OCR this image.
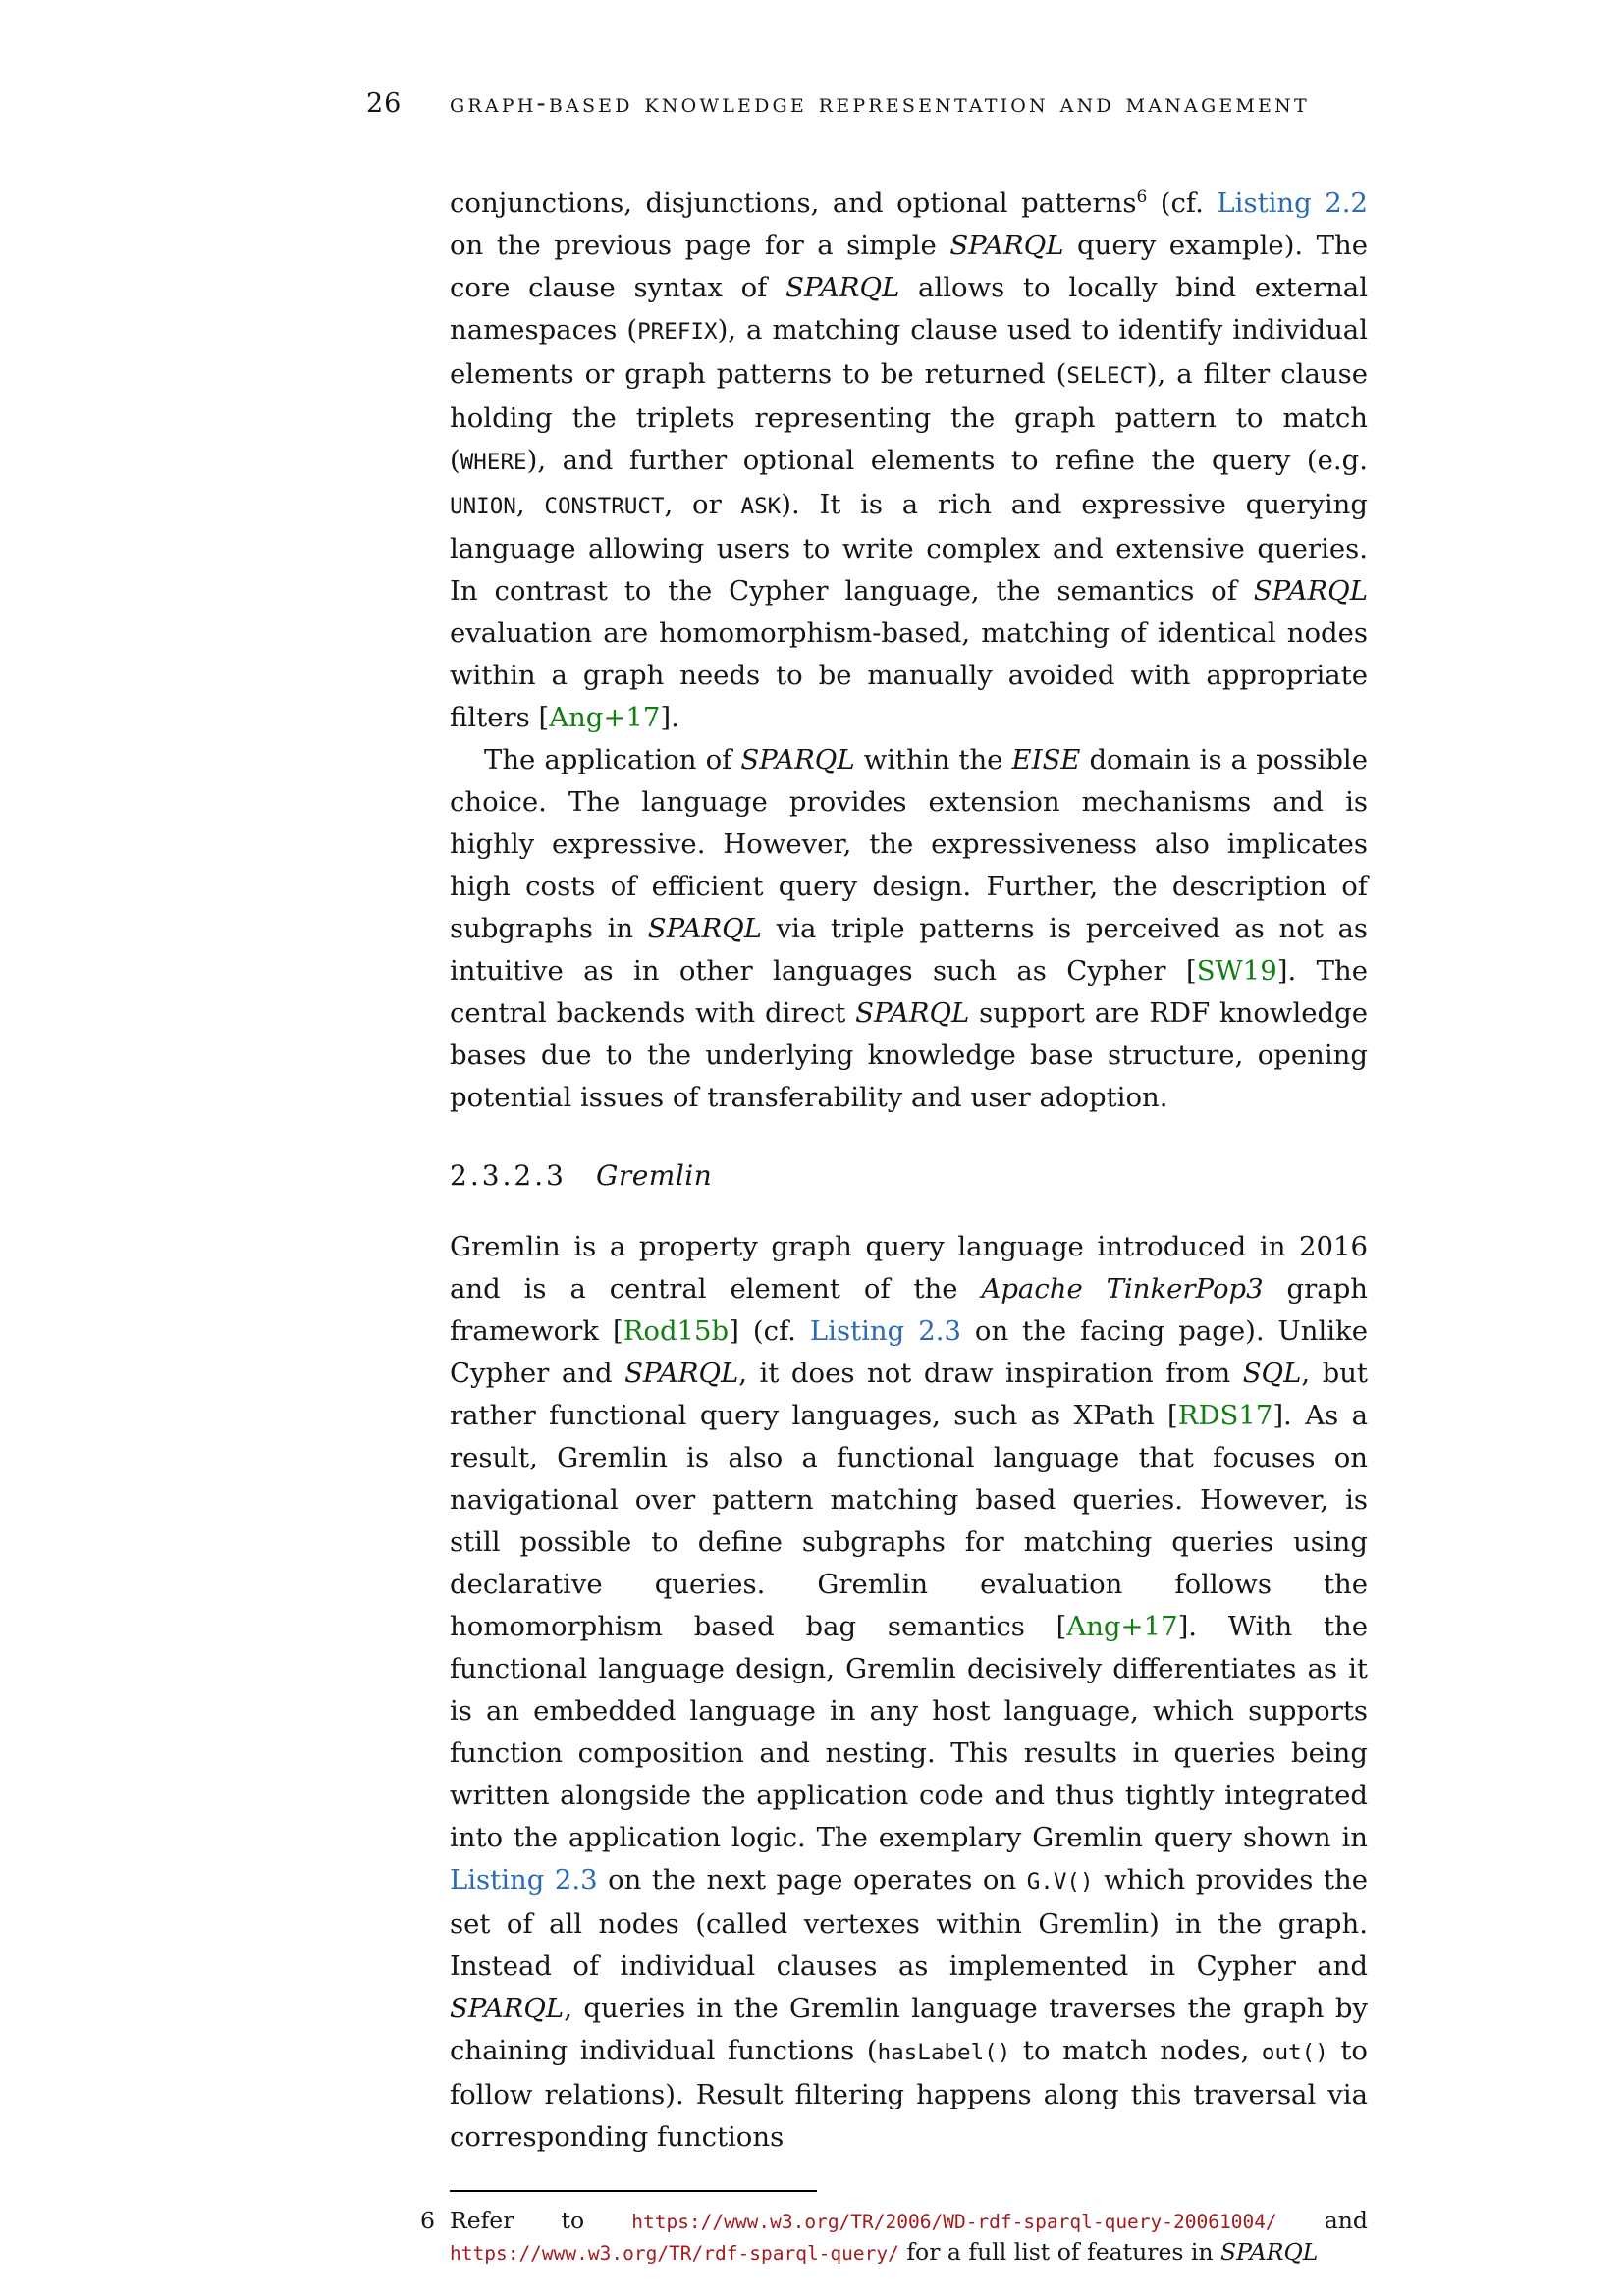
26	graph-based knowledge representation and management

conjunctions, disjunctions, and optional patterns$^6$ (cf. Listing 2.2 on the previous page for a simple SPARQL query example). The core clause syntax of SPARQL allows to locally bind external namespaces (PREFIX), a matching clause used to identify individual elements or graph patterns to be returned (SELECT), a filter clause holding the triplets representing the graph pattern to match (WHERE), and further optional elements to refine the query (e.g. UNION, CONSTRUCT, or ASK). It is a rich and expressive querying language allowing users to write complex and extensive queries. In contrast to the Cypher language, the semantics of SPARQL evaluation are homomorphism-based, matching of identical nodes within a graph needs to be manually avoided with appropriate filters [Ang+17].

The application of SPARQL within the EISE domain is a possible choice. The language provides extension mechanisms and is highly expressive. However, the expressiveness also implicates high costs of efficient query design. Further, the description of subgraphs in SPARQL via triple patterns is perceived as not as intuitive as in other languages such as Cypher [SW19]. The central backends with direct SPARQL support are RDF knowledge bases due to the underlying knowledge base structure, opening potential issues of transferability and user adoption.

2.3.2.3 Gremlin

Gremlin is a property graph query language introduced in 2016 and is a central element of the Apache TinkerPop3 graph framework [Rod15b] (cf. Listing 2.3 on the facing page). Unlike Cypher and SPARQL, it does not draw inspiration from SQL, but rather functional query languages, such as XPath [RDS17]. As a result, Gremlin is also a functional language that focuses on navigational over pattern matching based queries. However, is still possible to define subgraphs for matching queries using declarative queries. Gremlin evaluation follows the homomorphism based bag semantics [Ang+17]. With the functional language design, Gremlin decisively differentiates as it is an embedded language in any host language, which supports function composition and nesting. This results in queries being written alongside the application code and thus tightly integrated into the application logic. The exemplary Gremlin query shown in Listing 2.3 on the next page operates on G.V() which provides the set of all nodes (called vertexes within Gremlin) in the graph. Instead of individual clauses as implemented in Cypher and SPARQL, queries in the Gremlin language traverses the graph by chaining individual functions (hasLabel() to match nodes, out() to follow relations). Result filtering happens along this traversal via corresponding functions

6 Refer to https://www.w3.org/TR/2006/WD-rdf-sparql-query-20061004/ and https://www.w3.org/TR/rdf-sparql-query/ for a full list of features in SPARQL
